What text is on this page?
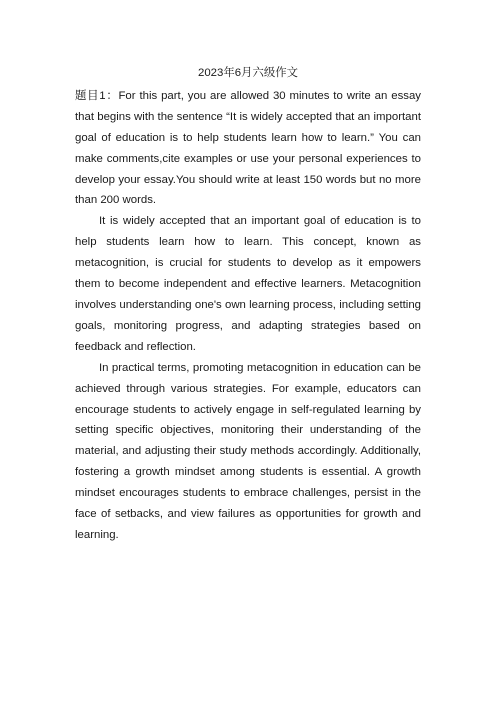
2023年6月六级作文

题目1：For this part, you are allowed 30 minutes to write an essay that begins with the sentence “It is widely accepted that an important goal of education is to help students learn how to learn.” You can make comments,cite examples or use your personal experiences to develop your essay.You should write at least 150 words but no more than 200 words.

It is widely accepted that an important goal of education is to help students learn how to learn. This concept, known as metacognition, is crucial for students to develop as it empowers them to become independent and effective learners. Metacognition involves understanding one's own learning process, including setting goals, monitoring progress, and adapting strategies based on feedback and reflection.

In practical terms, promoting metacognition in education can be achieved through various strategies. For example, educators can encourage students to actively engage in self-regulated learning by setting specific objectives, monitoring their understanding of the material, and adjusting their study methods accordingly. Additionally, fostering a growth mindset among students is essential. A growth mindset encourages students to embrace challenges, persist in the face of setbacks, and view failures as opportunities for growth and learning.
